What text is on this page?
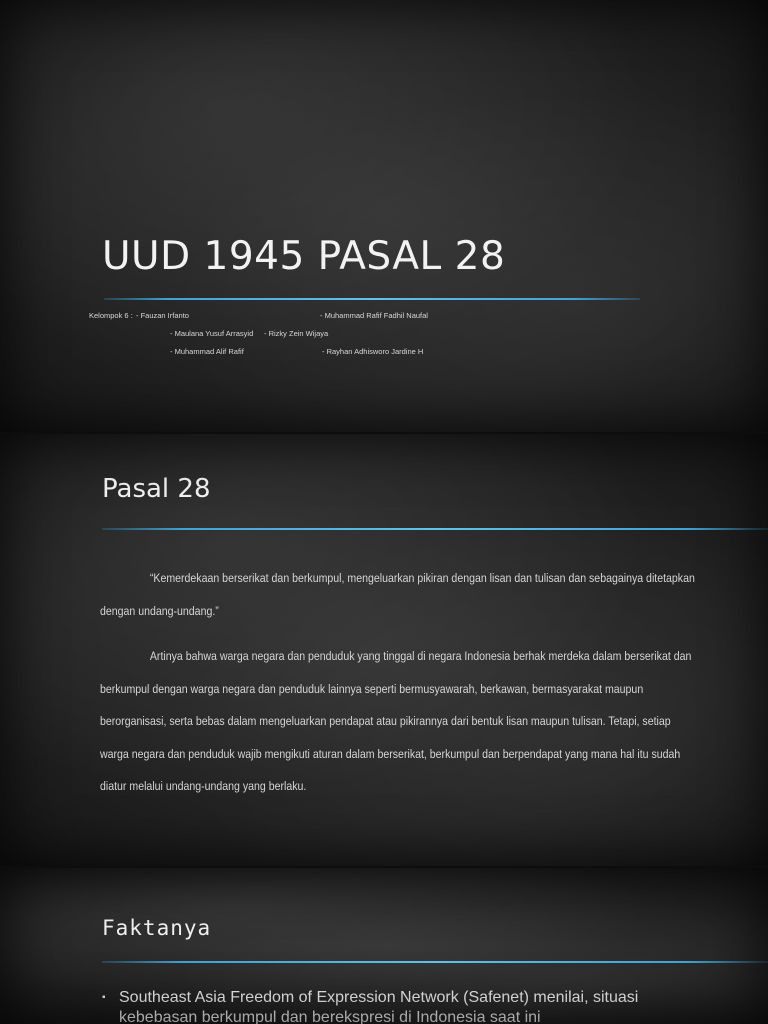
UUD 1945 PASAL 28
Kelompok 6 : - Fauzan Irfanto	- Muhammad Rafif Fadhil Naufal
- Maulana Yusuf Arrasyid - Rizky Zein Wijaya
- Muhammad Alif Rafif	- Rayhan Adhisworo Jardine H
Pasal 28

“Kemerdekaan berserikat dan berkumpul, mengeluarkan pikiran dengan lisan dan tulisan dan sebagainya ditetapkan dengan undang-undang.”

Artinya bahwa warga negara dan penduduk yang tinggal di negara Indonesia berhak merdeka dalam berserikat dan berkumpul dengan warga negara dan penduduk lainnya seperti bermusyawarah, berkawan, bermasyarakat maupun berorganisasi, serta bebas dalam mengeluarkan pendapat atau pikirannya dari bentuk lisan maupun tulisan. Tetapi, setiap warga negara dan penduduk wajib mengikuti aturan dalam berserikat, berkumpul dan berpendapat yang mana hal itu sudah diatur melalui undang-undang yang berlaku.

Faktanya
▪ Southeast Asia Freedom of Expression Network (Safenet) menilai, situasi kebebasan berkumpul dan berekspresi di Indonesia saat ini
